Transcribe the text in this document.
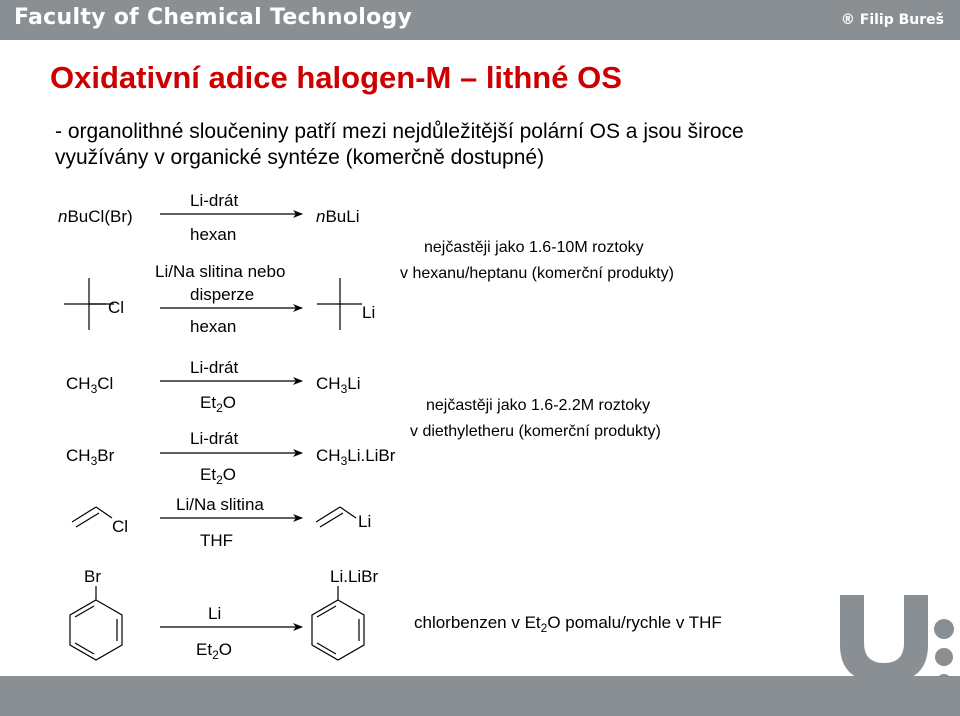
Faculty of Chemical Technology	® Filip Bureš
Oxidativní adice halogen-M – lithné OS
- organolithné sloučeniny patří mezi nejdůležitější polární OS a jsou široce
využívány v organické syntéze (komerčně dostupné)
nBuCl(Br)
Li-drát
hexan
nBuLi
Cl
Li/Na slitina nebo
disperze
hexan
Li
nejčastěji jako 1.6-10M roztoky
v hexanu/heptanu (komerční produkty)
$CH_3Cl$
Li-drát
$Et_2O$
$CH_3Li$
$CH_3Br$
Li-drát
$Et_2O$
$CH_3Li.LiBr$
Cl
Li/Na slitina
THF
Li
nejčastěji jako 1.6-2.2M roztoky
v diethyletheru (komerční produkty)
Br
Li
$Et_2O$
Li.LiBr
chlorbenzen v $Et_2O$ pomalu/rychle v THF
